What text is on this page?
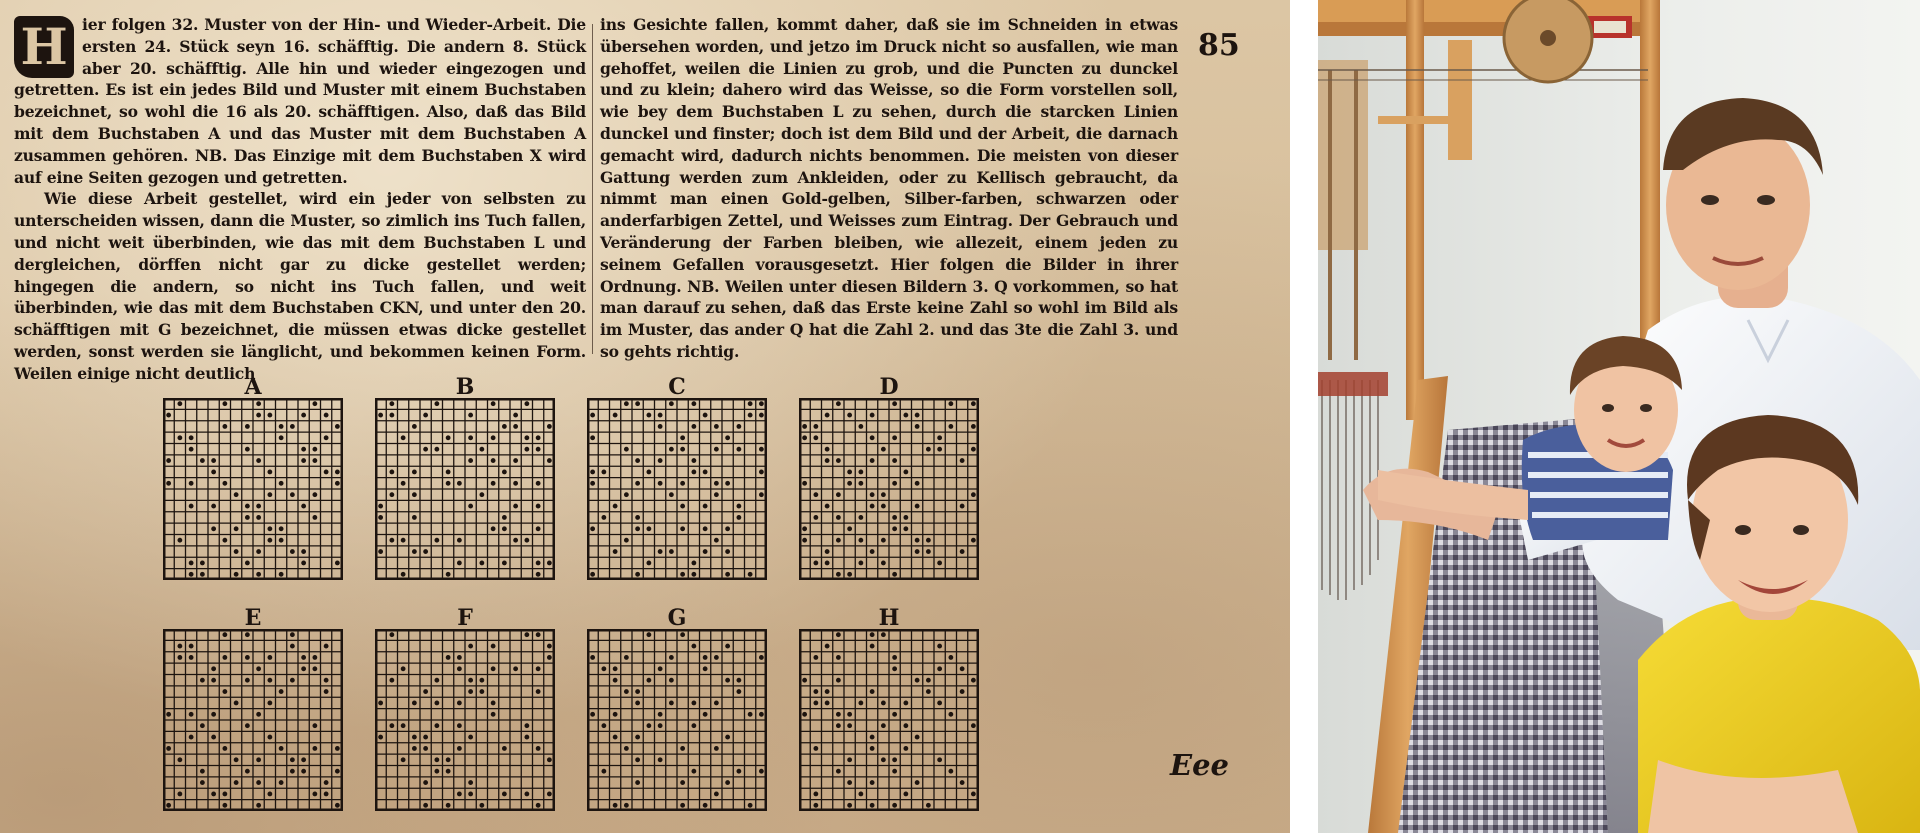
H ier folgen 32. Muster von der Hin- und Wieder-Arbeit. Die ersten 24. Stück seyn 16. schäfftig. Die andern 8. Stück aber 20. schäfftig. Alle hin und wieder eingezogen und getretten. Es ist ein jedes Bild und Muster mit einem Buchstaben bezeichnet, so wohl die 16 als 20. schäfftigen. Also, daß das Bild mit dem Buchstaben A und das Muster mit dem Buchstaben A zusammen gehören. NB. Das Einzige mit dem Buchstaben X wird auf eine Seiten gezogen und getretten.

Wie diese Arbeit gestellet, wird ein jeder von selbsten zu unterscheiden wissen, dann die Muster, so zimlich ins Tuch fallen, und nicht weit überbinden, wie das mit dem Buchstaben L und dergleichen, dörffen nicht gar zu dicke gestellet werden; hingegen die andern, so nicht ins Tuch fallen, und weit überbinden, wie das mit dem Buchstaben CKN, und unter den 20. schäfftigen mit G bezeichnet, die müssen etwas dicke gestellet werden, sonst werden sie länglicht, und bekommen keinen Form. Weilen einige nicht deutlich

ins Gesichte fallen, kommt daher, daß sie im Schneiden in etwas übersehen worden, und jetzo im Druck nicht so ausfallen, wie man gehoffet, weilen die Linien zu grob, und die Puncten zu dunckel und zu klein; dahero wird das Weisse, so die Form vorstellen soll, wie bey dem Buchstaben L zu sehen, durch die starcken Linien dunckel und finster; doch ist dem Bild und der Arbeit, die darnach gemacht wird, dadurch nichts benommen. Die meisten von dieser Gattung werden zum Ankleiden, oder zu Kellisch gebraucht, da nimmt man einen Gold-gelben, Silber-farben, schwarzen oder anderfarbigen Zettel, und Weisses zum Eintrag. Der Gebrauch und Veränderung der Farben bleiben, wie allezeit, einem jeden zu seinem Gefallen vorausgesetzt. Hier folgen die Bilder in ihrer Ordnung. NB. Weilen unter diesen Bildern 3. Q vorkommen, so hat man darauf zu sehen, daß das Erste keine Zahl so wohl im Bild als im Muster, das ander Q hat die Zahl 2. und das 3te die Zahl 3. und so gehts richtig.

85
A	B	C	D
E	F	G	H
Eee
